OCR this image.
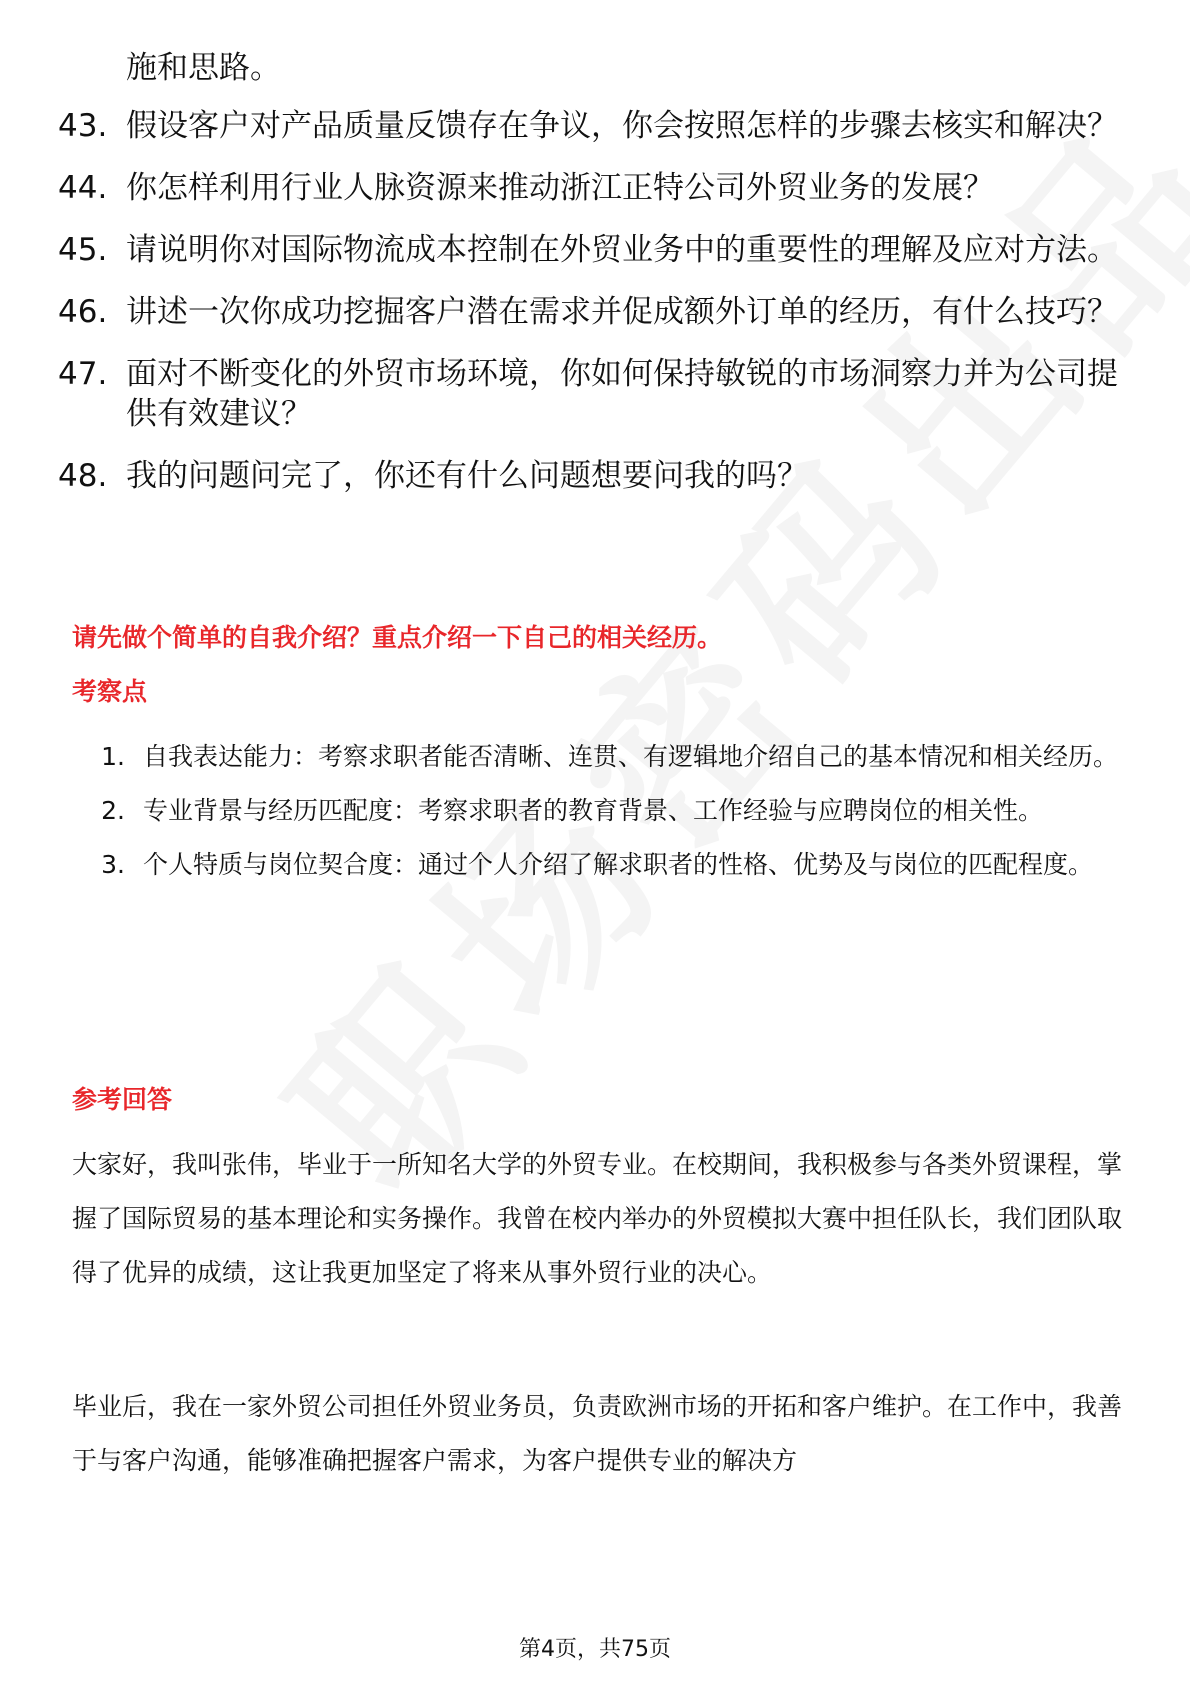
施和思路。
43. 假设客户对产品质量反馈存在争议，你会按照怎样的步骤去核实和解决？
44. 你怎样利用行业人脉资源来推动浙江正特公司外贸业务的发展？
45. 请说明你对国际物流成本控制在外贸业务中的重要性的理解及应对方法。
46. 讲述一次你成功挖掘客户潜在需求并促成额外订单的经历，有什么技巧？
47. 面对不断变化的外贸市场环境，你如何保持敏锐的市场洞察力并为公司提供有效建议？
48. 我的问题问完了，你还有什么问题想要问我的吗？
请先做个简单的自我介绍？重点介绍一下自己的相关经历。
考察点
1. 自我表达能力：考察求职者能否清晰、连贯、有逻辑地介绍自己的基本情况和相关经历。
2. 专业背景与经历匹配度：考察求职者的教育背景、工作经验与应聘岗位的相关性。
3. 个人特质与岗位契合度：通过个人介绍了解求职者的性格、优势及与岗位的匹配程度。
参考回答

大家好，我叫张伟，毕业于一所知名大学的外贸专业。在校期间，我积极参与各类外贸课程，掌握了国际贸易的基本理论和实务操作。我曾在校内举办的外贸模拟大赛中担任队长，我们团队取得了优异的成绩，这让我更加坚定了将来从事外贸行业的决心。

毕业后，我在一家外贸公司担任外贸业务员，负责欧洲市场的开拓和客户维护。在工作中，我善于与客户沟通，能够准确把握客户需求，为客户提供专业的解决方

第4页，共75页
